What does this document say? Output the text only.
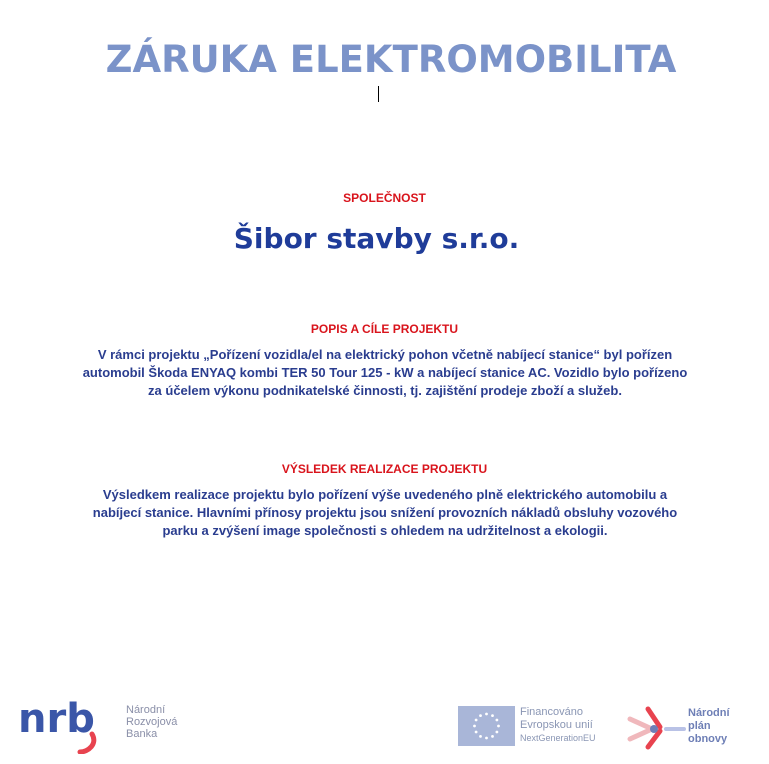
ZÁRUKA ELEKTROMOBILITA
SPOLEČNOST
Šibor stavby s.r.o.
POPIS A CÍLE PROJEKTU
V rámci projektu „Pořízení vozidla/el na elektrický pohon včetně nabíjecí stanice“ byl pořízen
automobil Škoda ENYAQ kombi TER 50 Tour 125 - kW a nabíjecí stanice AC. Vozidlo bylo pořízeno
za účelem výkonu podnikatelské činnosti, tj. zajištění prodeje zboží a služeb.
VÝSLEDEK REALIZACE PROJEKTU
Výsledkem realizace projektu bylo pořízení výše uvedeného plně elektrického automobilu a
nabíjecí stanice. Hlavními přínosy projektu jsou snížení provozních nákladů obsluhy vozového
parku a zvýšení image společnosti s ohledem na udržitelnost a ekologii.
nrb	Národní
Rozvojová
Banka
Financováno
Evropskou unií
NextGenerationEU
Národní
plán
obnovy
